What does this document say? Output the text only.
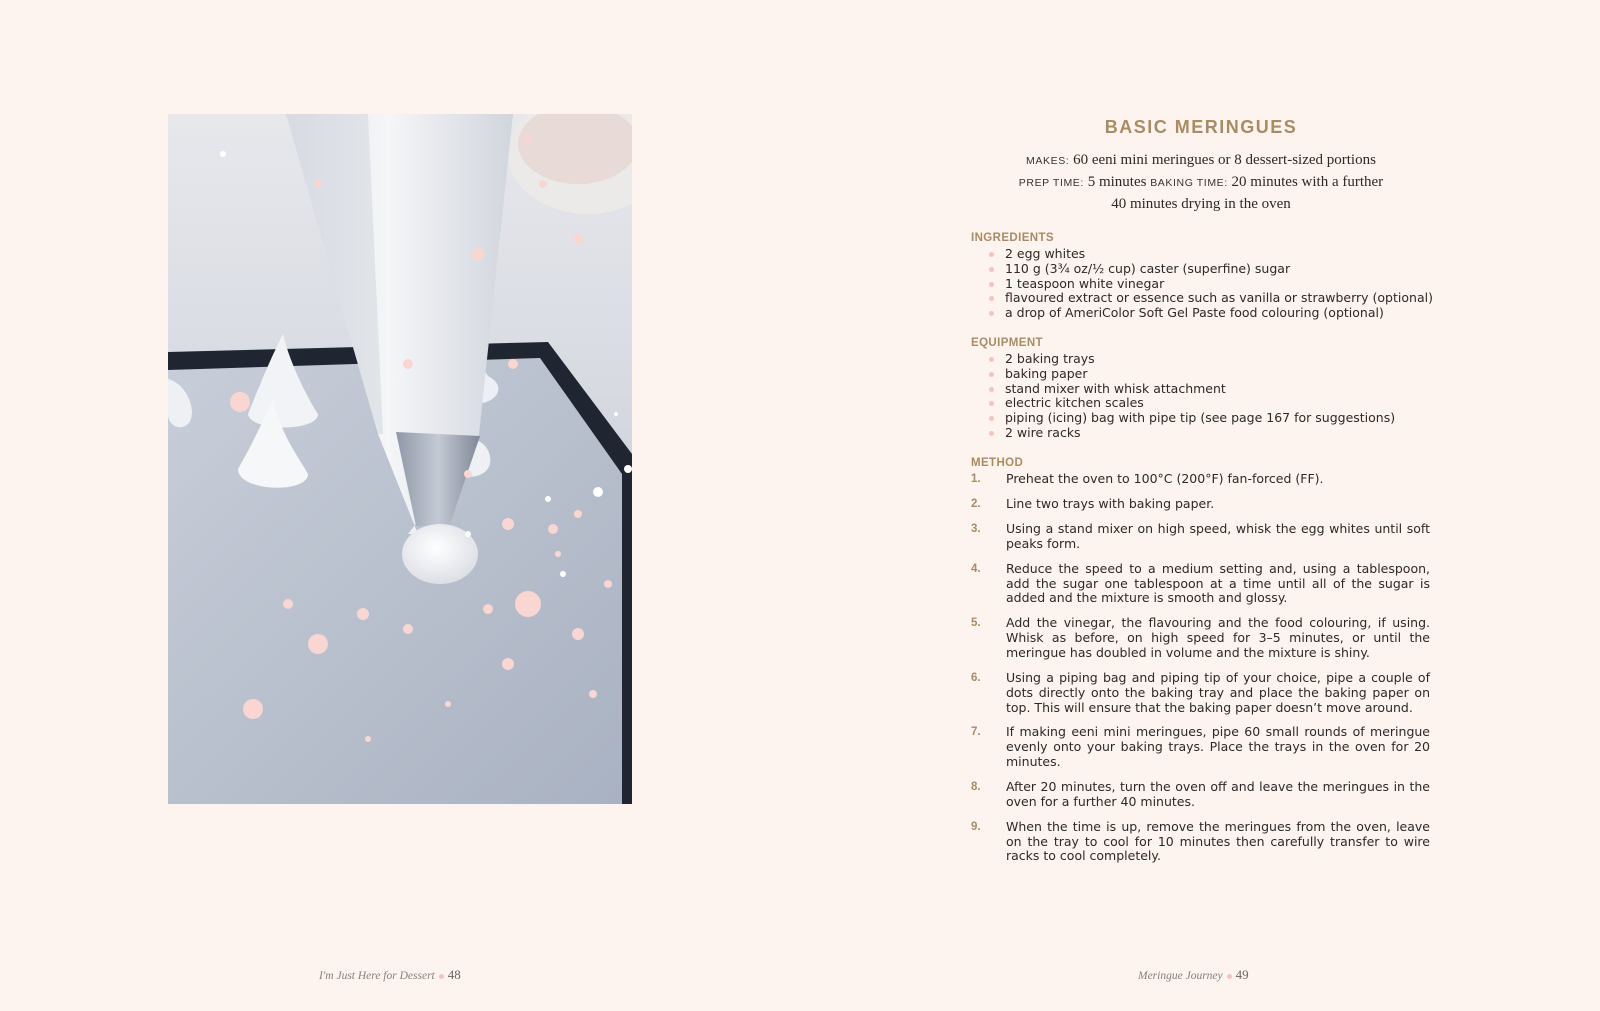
I'm Just Here for Dessert 48
BASIC MERINGUES
MAKES: 60 eeni mini meringues or 8 dessert-sized portions
PREP TIME: 5 minutes BAKING TIME: 20 minutes with a further
40 minutes drying in the oven
INGREDIENTS
2 egg whites
110 g (3¾ oz/½ cup) caster (superfine) sugar
1 teaspoon white vinegar
flavoured extract or essence such as vanilla or strawberry (optional)
a drop of AmeriColor Soft Gel Paste food colouring (optional)
EQUIPMENT
2 baking trays
baking paper
stand mixer with whisk attachment
electric kitchen scales
piping (icing) bag with pipe tip (see page 167 for suggestions)
2 wire racks
METHOD
1. Preheat the oven to 100°C (200°F) fan-forced (FF).
2. Line two trays with baking paper.
3. Using a stand mixer on high speed, whisk the egg whites until soft peaks form.
4. Reduce the speed to a medium setting and, using a tablespoon, add the sugar one tablespoon at a time until all of the sugar is added and the mixture is smooth and glossy.
5. Add the vinegar, the flavouring and the food colouring, if using. Whisk as before, on high speed for 3–5 minutes, or until the meringue has doubled in volume and the mixture is shiny.
6. Using a piping bag and piping tip of your choice, pipe a couple of dots directly onto the baking tray and place the baking paper on top. This will ensure that the baking paper doesn’t move around.
7. If making eeni mini meringues, pipe 60 small rounds of meringue evenly onto your baking trays. Place the trays in the oven for 20 minutes.
8. After 20 minutes, turn the oven off and leave the meringues in the oven for a further 40 minutes.
9. When the time is up, remove the meringues from the oven, leave on the tray to cool for 10 minutes then carefully transfer to wire racks to cool completely.
Meringue Journey 49
